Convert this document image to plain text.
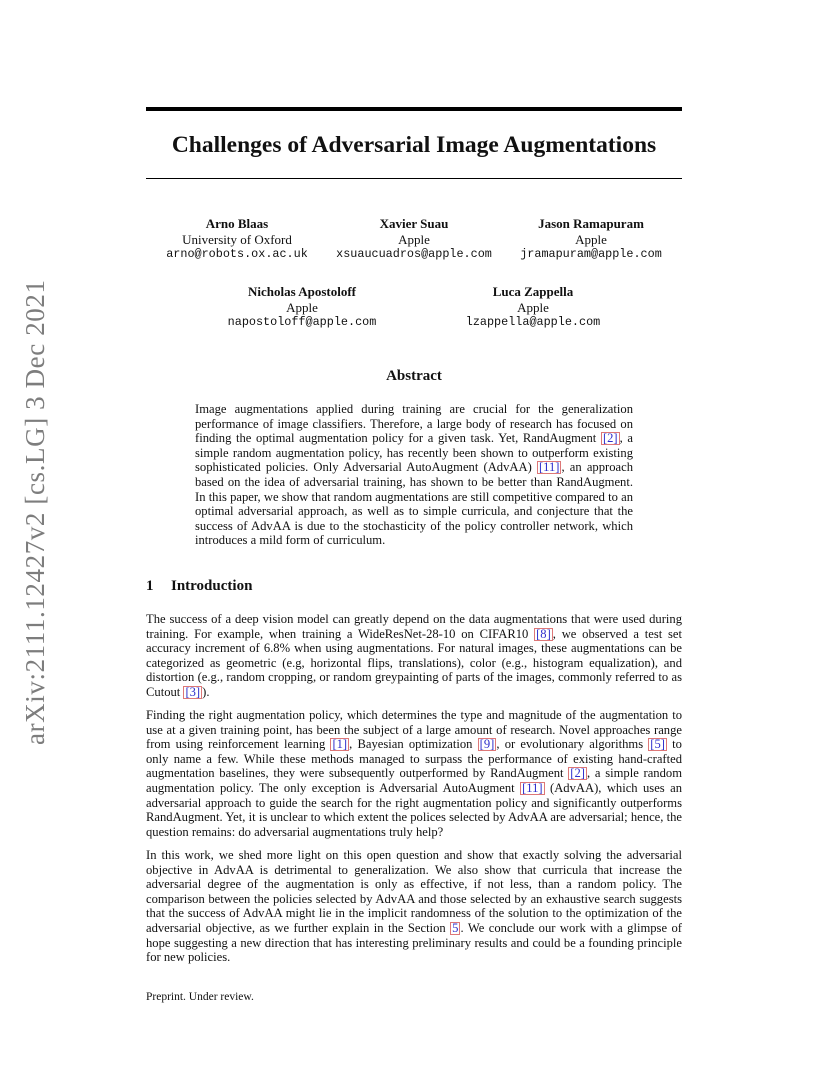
arXiv:2111.12427v2 [cs.LG] 3 Dec 2021
Challenges of Adversarial Image Augmentations
Arno Blaas
University of Oxford
arno@robots.ox.ac.uk
Xavier Suau
Apple
xsuaucuadros@apple.com
Jason Ramapuram
Apple
jramapuram@apple.com
Nicholas Apostoloff
Apple
napostoloff@apple.com
Luca Zappella
Apple
lzappella@apple.com
Abstract

Image augmentations applied during training are crucial for the generalization performance of image classifiers. Therefore, a large body of research has focused on finding the optimal augmentation policy for a given task. Yet, RandAugment [2] , a simple random augmentation policy, has recently been shown to outperform existing sophisticated policies. Only Adversarial AutoAugment (AdvAA) [11] , an approach based on the idea of adversarial training, has shown to be better than RandAugment. In this paper, we show that random augmentations are still competitive compared to an optimal adversarial approach, as well as to simple curricula, and conjecture that the success of AdvAA is due to the stochasticity of the policy controller network, which introduces a mild form of curriculum.

1 Introduction

The success of a deep vision model can greatly depend on the data augmentations that were used during training. For example, when training a WideResNet-28-10 on CIFAR10 [8] , we observed a test set accuracy increment of 6.8% when using augmentations. For natural images, these augmentations can be categorized as geometric (e.g, horizontal flips, translations), color (e.g., histogram equalization), and distortion (e.g., random cropping, or random greypainting of parts of the images, commonly referred to as Cutout [3] ).

Finding the right augmentation policy, which determines the type and magnitude of the augmentation to use at a given training point, has been the subject of a large amount of research. Novel approaches range from using reinforcement learning [1] , Bayesian optimization [9] , or evolutionary algorithms [5] to only name a few. While these methods managed to surpass the performance of existing hand-crafted augmentation baselines, they were subsequently outperformed by RandAugment [2] , a simple random augmentation policy. The only exception is Adversarial AutoAugment [11] (AdvAA), which uses an adversarial approach to guide the search for the right augmentation policy and significantly outperforms RandAugment. Yet, it is unclear to which extent the polices selected by AdvAA are adversarial; hence, the question remains: do adversarial augmentations truly help?

In this work, we shed more light on this open question and show that exactly solving the adversarial objective in AdvAA is detrimental to generalization. We also show that curricula that increase the adversarial degree of the augmentation is only as effective, if not less, than a random policy. The comparison between the policies selected by AdvAA and those selected by an exhaustive search suggests that the success of AdvAA might lie in the implicit randomness of the solution to the optimization of the adversarial objective, as we further explain in the Section 5 . We conclude our work with a glimpse of hope suggesting a new direction that has interesting preliminary results and could be a founding principle for new policies.

Preprint. Under review.
